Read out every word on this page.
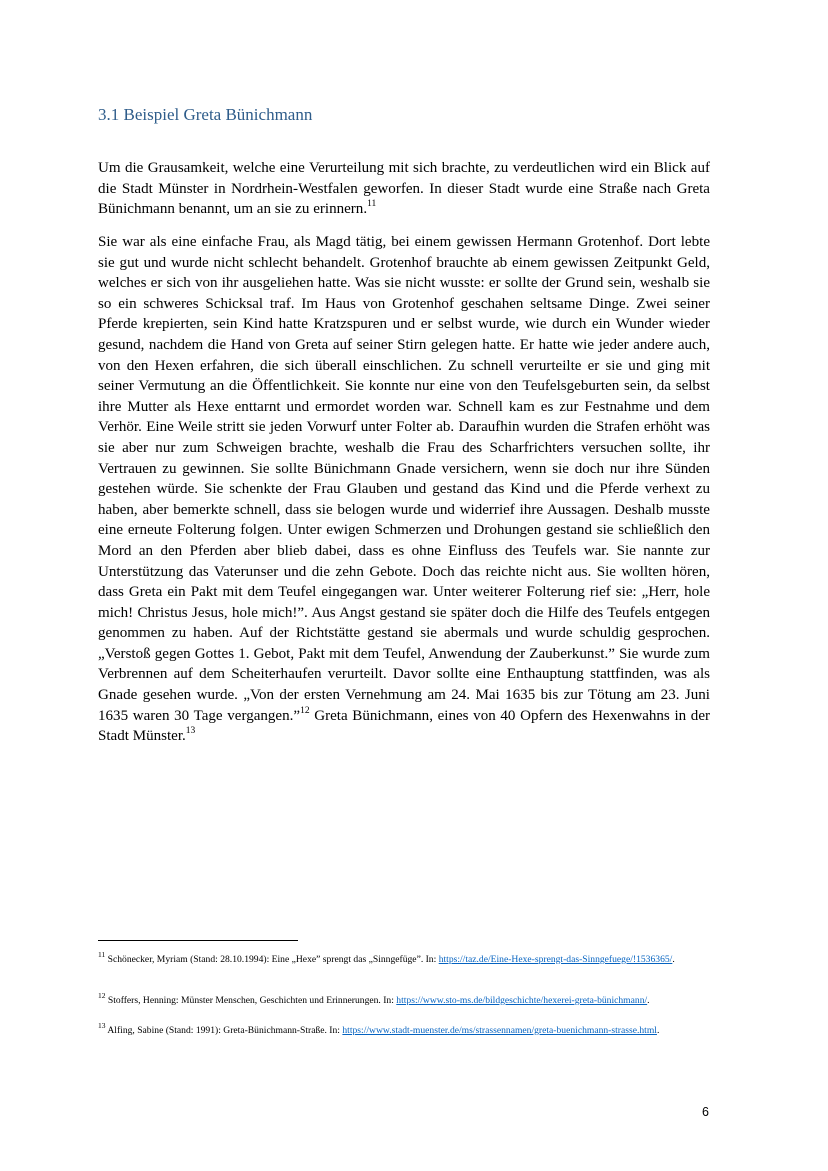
3.1 Beispiel Greta Bünichmann

Um die Grausamkeit, welche eine Verurteilung mit sich brachte, zu verdeutlichen wird ein Blick auf die Stadt Münster in Nordrhein-Westfalen geworfen. In dieser Stadt wurde eine Straße nach Greta Bünichmann benannt, um an sie zu erinnern.$^{11}$

Sie war als eine einfache Frau, als Magd tätig, bei einem gewissen Hermann Grotenhof. Dort lebte sie gut und wurde nicht schlecht behandelt. Grotenhof brauchte ab einem gewissen Zeitpunkt Geld, welches er sich von ihr ausgeliehen hatte. Was sie nicht wusste: er sollte der Grund sein, weshalb sie so ein schweres Schicksal traf. Im Haus von Grotenhof geschahen seltsame Dinge. Zwei seiner Pferde krepierten, sein Kind hatte Kratzspuren und er selbst wurde, wie durch ein Wunder wieder gesund, nachdem die Hand von Greta auf seiner Stirn gelegen hatte. Er hatte wie jeder andere auch, von den Hexen erfahren, die sich überall einschlichen. Zu schnell verurteilte er sie und ging mit seiner Vermutung an die Öffentlichkeit. Sie konnte nur eine von den Teufelsgeburten sein, da selbst ihre Mutter als Hexe enttarnt und ermordet worden war. Schnell kam es zur Festnahme und dem Verhör. Eine Weile stritt sie jeden Vorwurf unter Folter ab. Daraufhin wurden die Strafen erhöht was sie aber nur zum Schweigen brachte, weshalb die Frau des Scharfrichters versuchen sollte, ihr Vertrauen zu gewinnen. Sie sollte Bünichmann Gnade versichern, wenn sie doch nur ihre Sünden gestehen würde. Sie schenkte der Frau Glauben und gestand das Kind und die Pferde verhext zu haben, aber bemerkte schnell, dass sie belogen wurde und widerrief ihre Aussagen. Deshalb musste eine erneute Folterung folgen. Unter ewigen Schmerzen und Drohungen gestand sie schließlich den Mord an den Pferden aber blieb dabei, dass es ohne Einfluss des Teufels war. Sie nannte zur Unterstützung das Vaterunser und die zehn Gebote. Doch das reichte nicht aus. Sie wollten hören, dass Greta ein Pakt mit dem Teufel eingegangen war. Unter weiterer Folterung rief sie: „Herr, hole mich! Christus Jesus, hole mich!”. Aus Angst gestand sie später doch die Hilfe des Teufels entgegen genommen zu haben. Auf der Richtstätte gestand sie abermals und wurde schuldig gesprochen. „Verstoß gegen Gottes 1. Gebot, Pakt mit dem Teufel, Anwendung der Zauberkunst.” Sie wurde zum Verbrennen auf dem Scheiterhaufen verurteilt. Davor sollte eine Enthauptung stattfinden, was als Gnade gesehen wurde. „Von der ersten Vernehmung am 24. Mai 1635 bis zur Tötung am 23. Juni 1635 waren 30 Tage vergangen.”$^{12}$ Greta Bünichmann, eines von 40 Opfern des Hexenwahns in der Stadt Münster.$^{13}$

$^{11}$ Schönecker, Myriam (Stand: 28.10.1994): Eine „Hexe” sprengt das „Sinngefüge”. In: https://taz.de/Eine-Hexe-sprengt-das-Sinngefuege/!1536365/.

$^{12}$ Stoffers, Henning: Münster Menschen, Geschichten und Erinnerungen. In: https://www.sto-ms.de/bildgeschichte/hexerei-greta-bünichmann/.

$^{13}$ Alfing, Sabine (Stand: 1991): Greta-Bünichmann-Straße. In: https://www.stadt-muenster.de/ms/strassennamen/greta-buenichmann-strasse.html.

6
